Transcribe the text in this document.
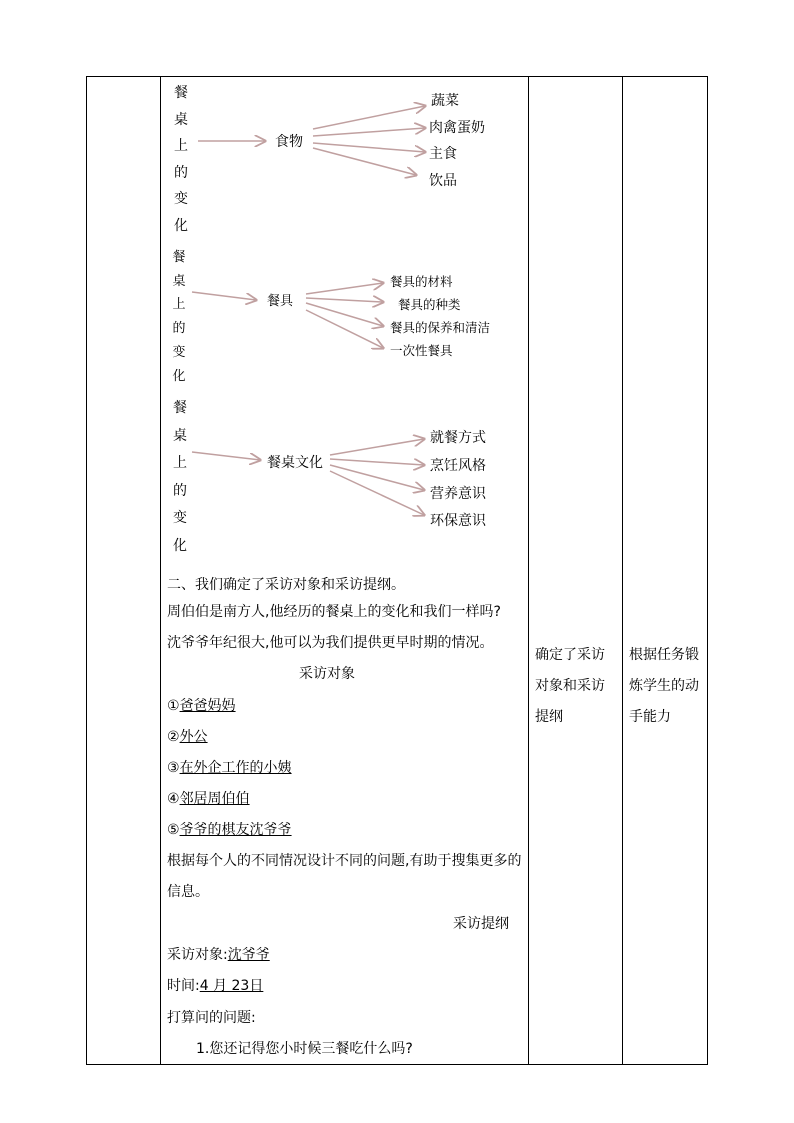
餐
桌
上
的
变
化
食物
蔬菜
肉禽蛋奶
主食
饮品
餐
桌
上
的
变
化
餐具
餐具的材料
餐具的种类
餐具的保养和清洁
一次性餐具
餐
桌
上
的
变
化
餐桌文化
就餐方式
烹饪风格
营养意识
环保意识
二、我们确定了采访对象和采访提纲。
周伯伯是南方人,他经历的餐桌上的变化和我们一样吗?
沈爷爷年纪很大,他可以为我们提供更早时期的情况。
采访对象
①爸爸妈妈
②外公
③在外企工作的小姨
④邻居周伯伯
⑤爷爷的棋友沈爷爷
根据每个人的不同情况设计不同的问题,有助于搜集更多的
信息。
采访提纲
采访对象:沈爷爷
时间:4 月 23日
打算问的问题:
1.您还记得您小时候三餐吃什么吗?
确定了采访
对象和采访
提纲
根据任务锻
炼学生的动
手能力
